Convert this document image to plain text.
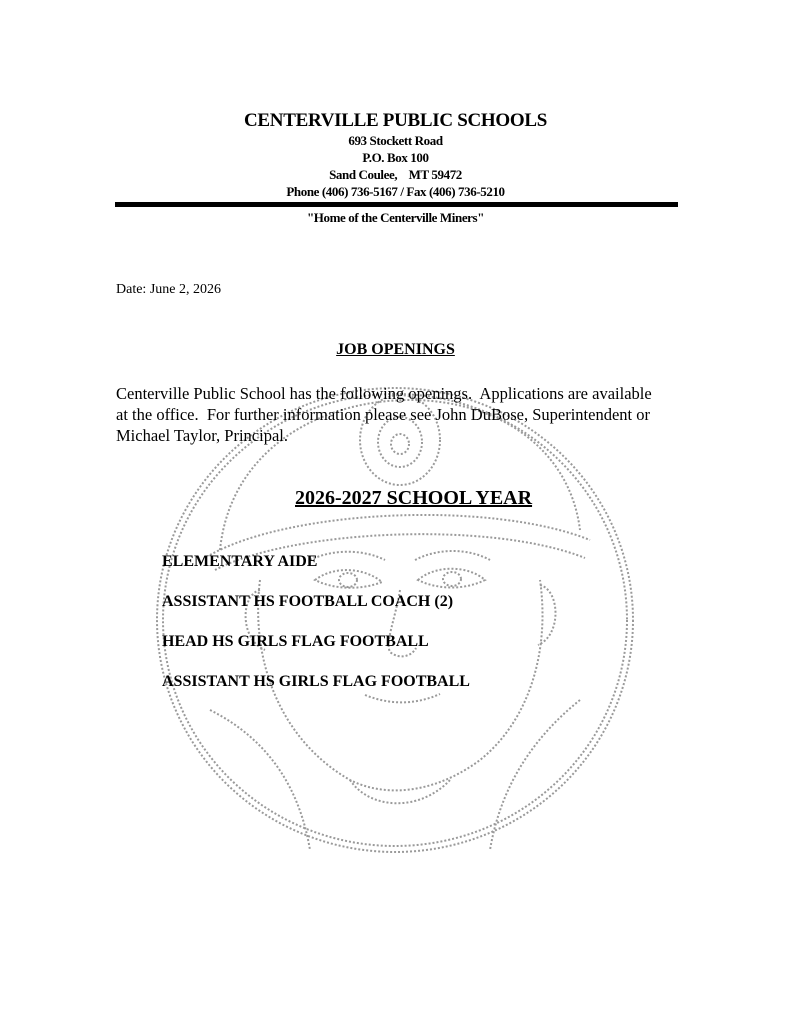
CENTERVILLE PUBLIC SCHOOLS
693 Stockett Road
P.O. Box 100
Sand Coulee,    MT 59472
Phone (406) 736-5167 / Fax (406) 736-5210
"Home of the Centerville Miners"
Date: June 2, 2026
JOB OPENINGS
Centerville Public School has the following openings.  Applications are available at the office.  For further information please see John DuBose, Superintendent or Michael Taylor, Principal.
2026-2027 SCHOOL YEAR
ELEMENTARY AIDE
ASSISTANT HS FOOTBALL COACH (2)
HEAD HS GIRLS FLAG FOOTBALL
ASSISTANT HS GIRLS FLAG FOOTBALL
